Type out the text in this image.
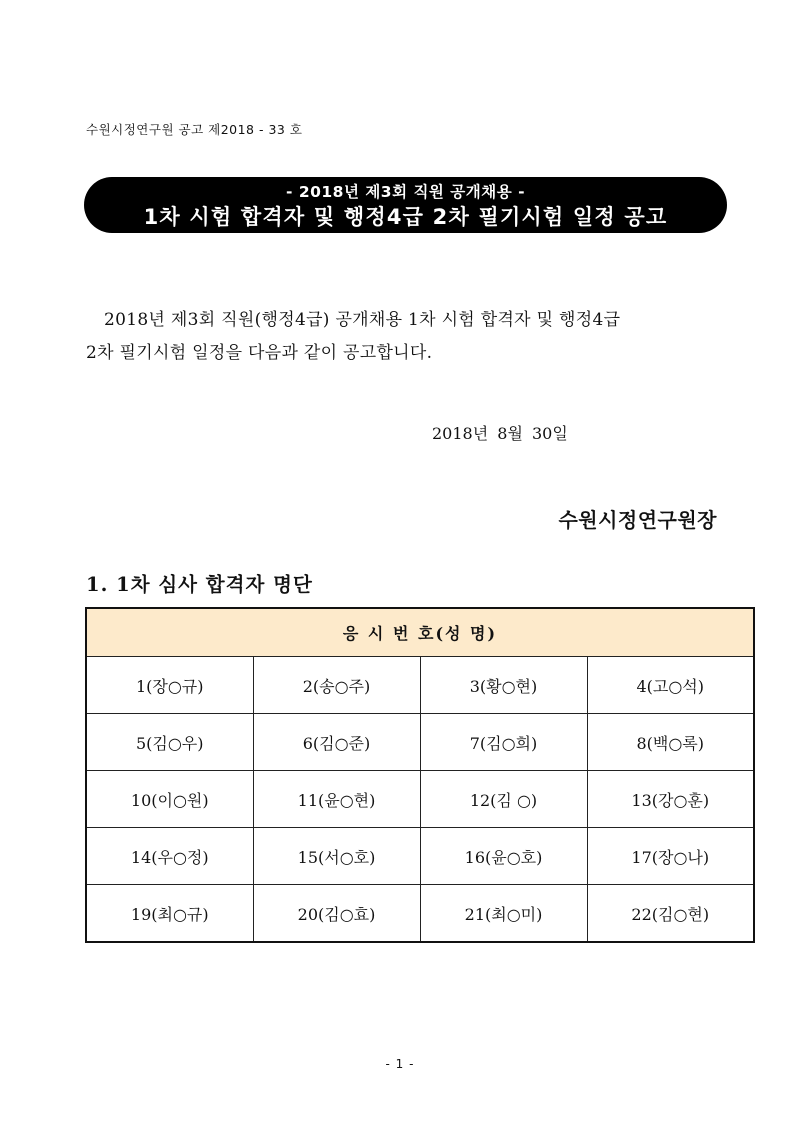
수원시정연구원 공고 제2018 - 33 호
- 2018년 제3회 직원 공개채용 -
1차 시험 합격자 및 행정4급 2차 필기시험 일정 공고
2018년 제3회 직원(행정4급) 공개채용 1차 시험 합격자 및 행정4급
2차 필기시험 일정을 다음과 같이 공고합니다.
2018년 8월 30일
수원시정연구원장
1. 1차 심사 합격자 명단
응 시 번 호(성 명)			
1(장○규)	2(송○주)	3(황○현)	4(고○석)
5(김○우)	6(김○준)	7(김○희)	8(백○록)
10(이○원)	11(윤○현)	12(김 ○)	13(강○훈)
14(우○정)	15(서○호)	16(윤○호)	17(장○나)
19(최○규)	20(김○효)	21(최○미)	22(김○현)
- 1 -
